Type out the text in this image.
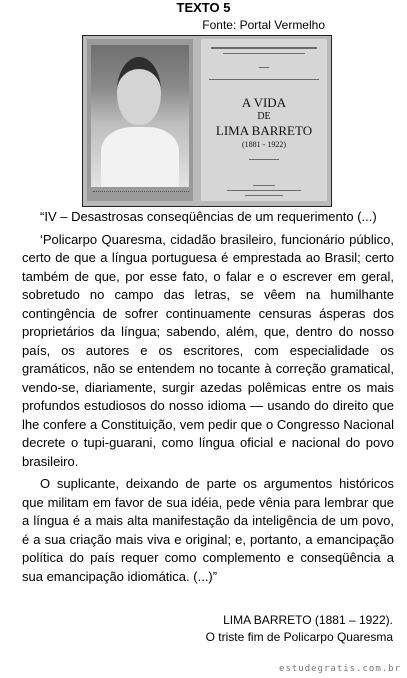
TEXTO 5
Fonte: Portal Vermelho
A VIDA
DE
LIMA BARRETO
(1881 - 1922)
“IV – Desastrosas conseqüências de um requerimento (...)
‘Policarpo Quaresma, cidadão brasileiro, funcionário público, certo de que a língua portuguesa é emprestada ao Brasil; certo também de que, por esse fato, o falar e o escrever em geral, sobretudo no campo das letras, se vêem na humilhante contingência de sofrer continuamente censuras ásperas dos proprietários da língua; sabendo, além, que, dentro do nosso país, os autores e os escritores, com especialidade os gramáticos, não se entendem no tocante à correção gramatical, vendo-se, diariamente, surgir azedas polêmicas entre os mais profundos estudiosos do nosso idioma — usando do direito que lhe confere a Constituição, vem pedir que o Congresso Nacional decrete o tupi-guarani, como língua oficial e nacional do povo brasileiro.
O suplicante, deixando de parte os argumentos históricos que militam em favor de sua idéia, pede vênia para lembrar que a língua é a mais alta manifestação da inteligência de um povo, é a sua criação mais viva e original; e, portanto, a emancipação política do país requer como complemento e conseqüência a sua emancipação idiomática. (...)”
LIMA BARRETO (1881 – 1922).
O triste fim de Policarpo Quaresma
estudegratis.com.br
